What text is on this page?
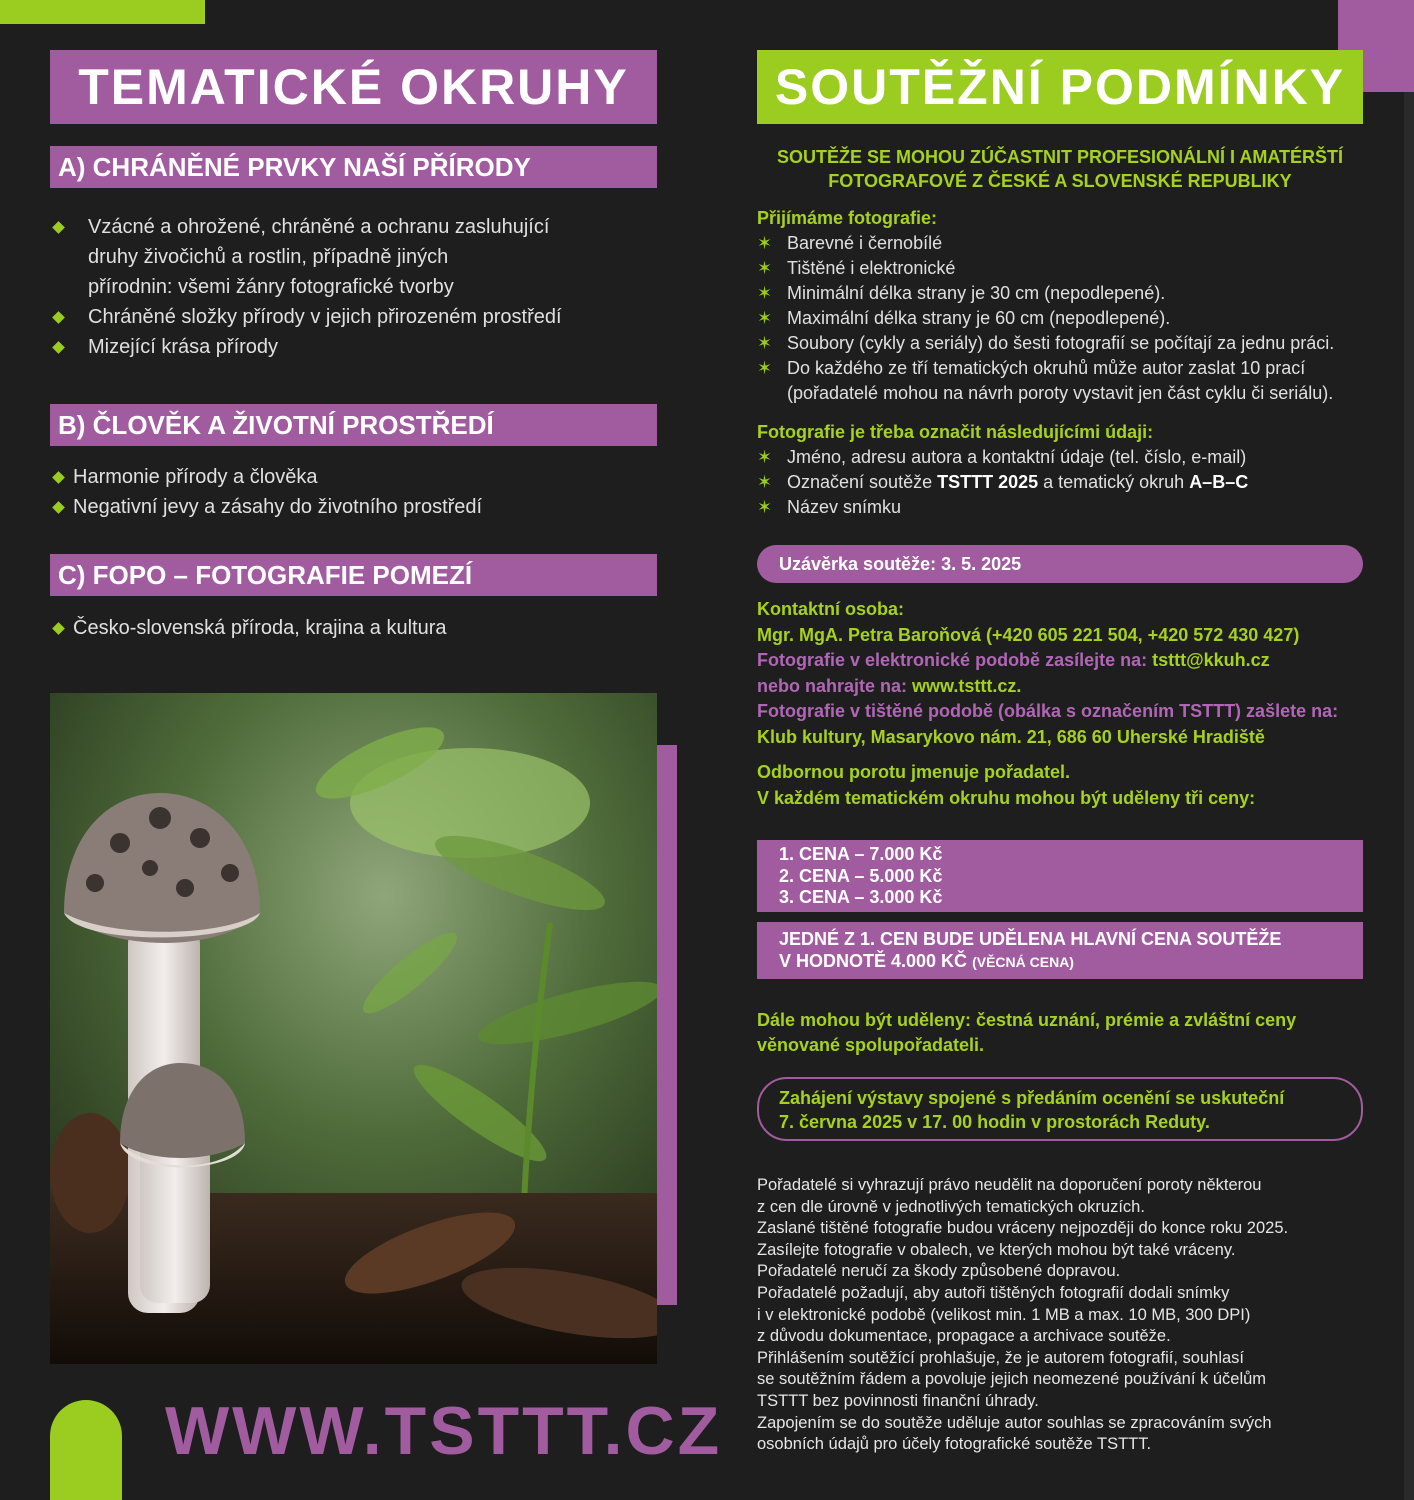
TEMATICKÉ OKRUHY
A) CHRÁNĚNÉ PRVKY NAŠÍ PŘÍRODY
Vzácné a ohrožené, chráněné a ochranu zasluhující
druhy živočichů a rostlin, případně jiných
přírodnin: všemi žánry fotografické tvorby
Chráněné složky přírody v jejich přirozeném prostředí
Mizející krása přírody
B) ČLOVĚK A ŽIVOTNÍ PROSTŘEDÍ
Harmonie přírody a člověka
Negativní jevy a zásahy do životního prostředí
C) FOPO – FOTOGRAFIE POMEZÍ
Česko-slovenská příroda, krajina a kultura
WWW.TSTTT.CZ
SOUTĚŽNÍ PODMÍNKY
SOUTĚŽE SE MOHOU ZÚČASTNIT PROFESIONÁLNÍ I AMATÉRŠTÍ
FOTOGRAFOVÉ Z ČESKÉ A SLOVENSKÉ REPUBLIKY
Přijímáme fotografie:
✶ Barevné i černobílé
✶ Tištěné i elektronické
✶ Minimální délka strany je 30 cm (nepodlepené).
✶ Maximální délka strany je 60 cm (nepodlepené).
✶ Soubory (cykly a seriály) do šesti fotografií se počítají za jednu práci.
✶ Do každého ze tří tematických okruhů může autor zaslat 10 prací
(pořadatelé mohou na návrh poroty vystavit jen část cyklu či seriálu).
Fotografie je třeba označit následujícími údaji:
✶ Jméno, adresu autora a kontaktní údaje (tel. číslo, e-mail)
✶ Označení soutěže TSTTT 2025 a tematický okruh A–B–C
✶ Název snímku
Uzávěrka soutěže: 3. 5. 2025
Kontaktní osoba:
Mgr. MgA. Petra Baroňová (+420 605 221 504, +420 572 430 427)
Fotografie v elektronické podobě zasílejte na: tsttt@kkuh.cz
nebo nahrajte na: www.tsttt.cz.
Fotografie v tištěné podobě (obálka s označením TSTTT) zašlete na:
Klub kultury, Masarykovo nám. 21, 686 60 Uherské Hradiště
Odbornou porotu jmenuje pořadatel.
V každém tematickém okruhu mohou být uděleny tři ceny:
1. CENA – 7.000 Kč
2. CENA – 5.000 Kč
3. CENA – 3.000 Kč
JEDNÉ Z 1. CEN BUDE UDĚLENA HLAVNÍ CENA SOUTĚŽE
V HODNOTĚ 4.000 KČ (VĚCNÁ CENA)
Dále mohou být uděleny: čestná uznání, prémie a zvláštní ceny
věnované spolupořadateli.
Zahájení výstavy spojené s předáním ocenění se uskuteční
7. června 2025 v 17. 00 hodin v prostorách Reduty.
Pořadatelé si vyhrazují právo neudělit na doporučení poroty některou
z cen dle úrovně v jednotlivých tematických okruzích.
Zaslané tištěné fotografie budou vráceny nejpozději do konce roku 2025.
Zasílejte fotografie v obalech, ve kterých mohou být také vráceny.
Pořadatelé neručí za škody způsobené dopravou.
Pořadatelé požadují, aby autoři tištěných fotografií dodali snímky
i v elektronické podobě (velikost min. 1 MB a max. 10 MB, 300 DPI)
z důvodu dokumentace, propagace a archivace soutěže.
Přihlášením soutěžící prohlašuje, že je autorem fotografií, souhlasí
se soutěžním řádem a povoluje jejich neomezené používání k účelům
TSTTT bez povinnosti finanční úhrady.
Zapojením se do soutěže uděluje autor souhlas se zpracováním svých
osobních údajů pro účely fotografické soutěže TSTTT.
